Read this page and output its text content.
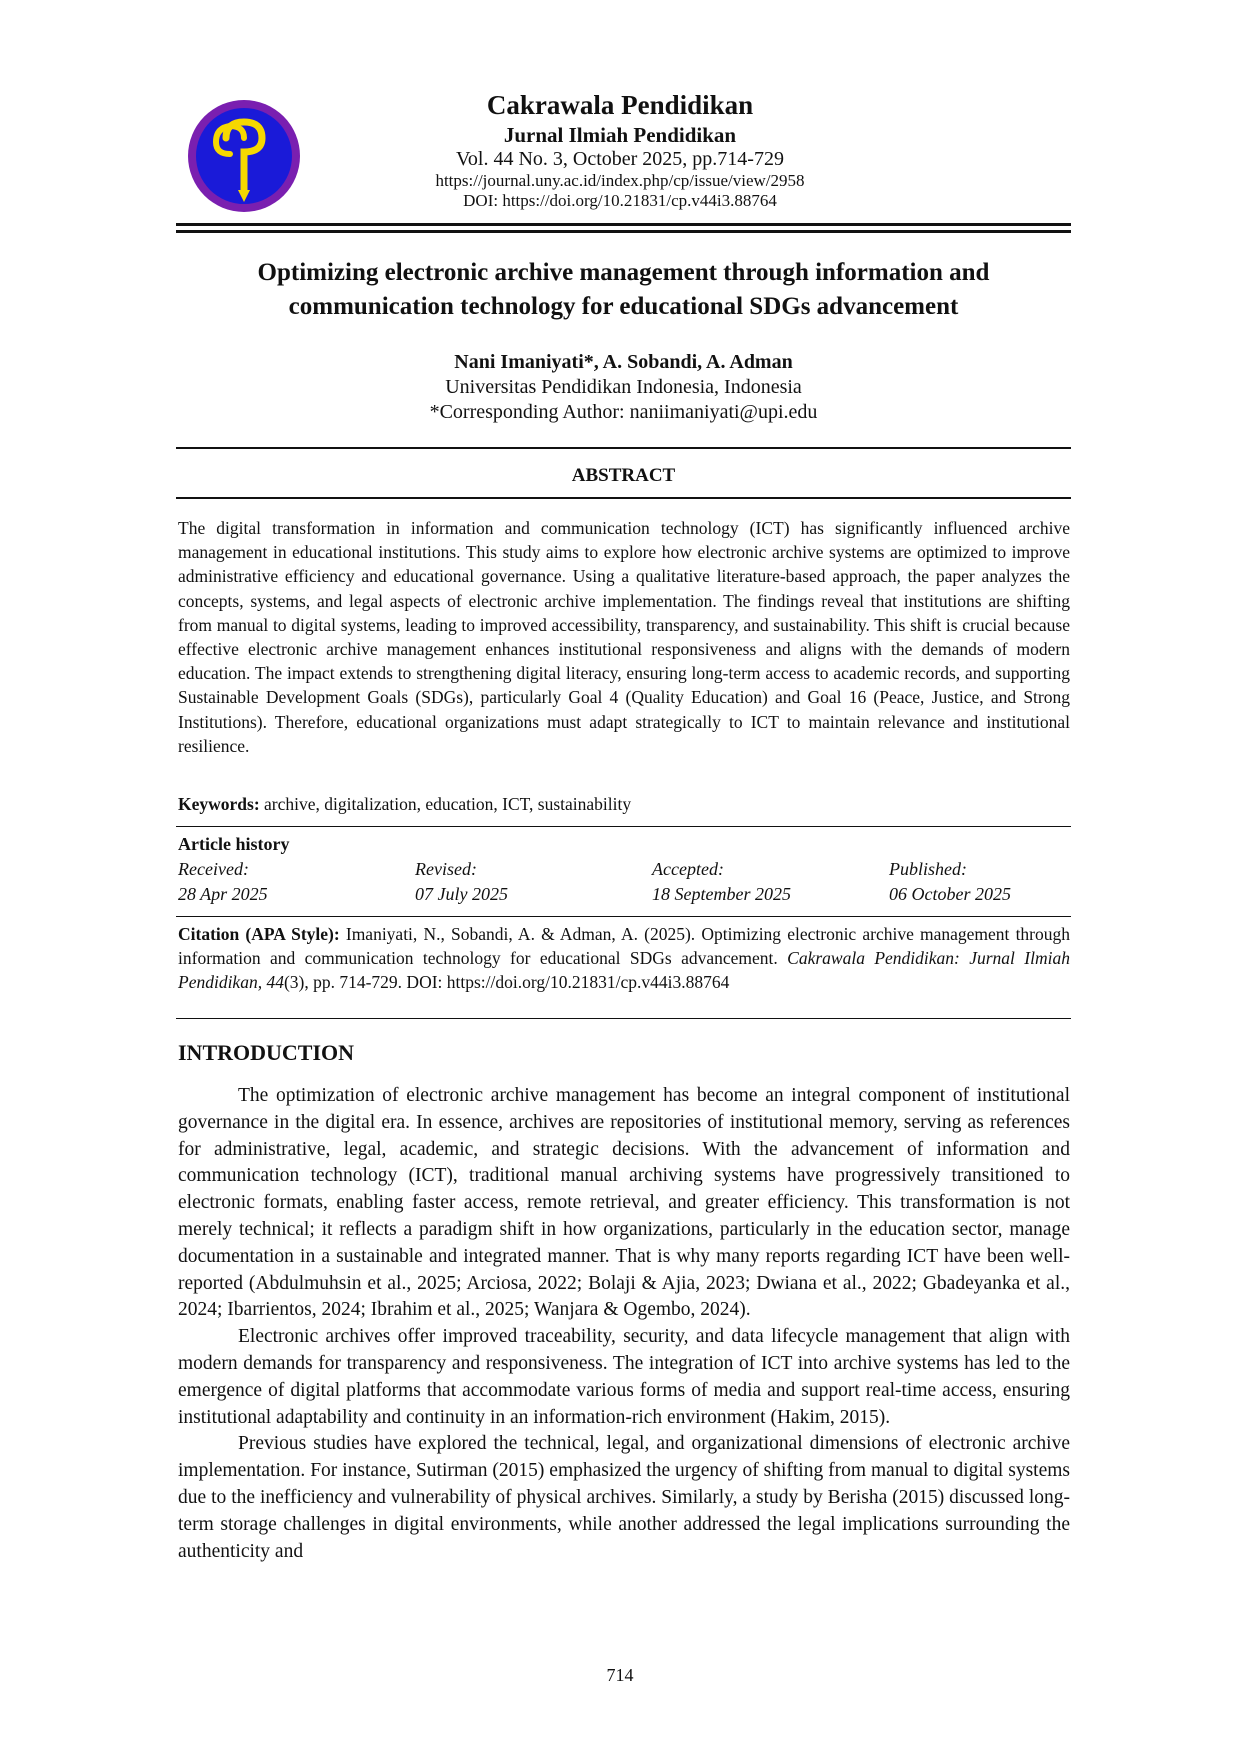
Cakrawala Pendidikan
Jurnal Ilmiah Pendidikan
Vol. 44 No. 3, October 2025, pp.714-729
https://journal.uny.ac.id/index.php/cp/issue/view/2958
DOI: https://doi.org/10.21831/cp.v44i3.88764
Optimizing electronic archive management through information and communication technology for educational SDGs advancement
Nani Imaniyati*, A. Sobandi, A. Adman
Universitas Pendidikan Indonesia, Indonesia
*Corresponding Author: naniimaniyati@upi.edu
ABSTRACT
The digital transformation in information and communication technology (ICT) has significantly influenced archive management in educational institutions. This study aims to explore how electronic archive systems are optimized to improve administrative efficiency and educational governance. Using a qualitative literature-based approach, the paper analyzes the concepts, systems, and legal aspects of electronic archive implementation. The findings reveal that institutions are shifting from manual to digital systems, leading to improved accessibility, transparency, and sustainability. This shift is crucial because effective electronic archive management enhances institutional responsiveness and aligns with the demands of modern education. The impact extends to strengthening digital literacy, ensuring long-term access to academic records, and supporting Sustainable Development Goals (SDGs), particularly Goal 4 (Quality Education) and Goal 16 (Peace, Justice, and Strong Institutions). Therefore, educational organizations must adapt strategically to ICT to maintain relevance and institutional resilience.
Keywords: archive, digitalization, education, ICT, sustainability
Article history
Received:
28 Apr 2025
Revised:
07 July 2025
Accepted:
18 September 2025
Published:
06 October 2025
Citation (APA Style): Imaniyati, N., Sobandi, A. & Adman, A. (2025). Optimizing electronic archive management through information and communication technology for educational SDGs advancement. Cakrawala Pendidikan: Jurnal Ilmiah Pendidikan, 44(3), pp. 714-729. DOI: https://doi.org/10.21831/cp.v44i3.88764
INTRODUCTION

The optimization of electronic archive management has become an integral component of institutional governance in the digital era. In essence, archives are repositories of institutional memory, serving as references for administrative, legal, academic, and strategic decisions. With the advancement of information and communication technology (ICT), traditional manual archiving systems have progressively transitioned to electronic formats, enabling faster access, remote retrieval, and greater efficiency. This transformation is not merely technical; it reflects a paradigm shift in how organizations, particularly in the education sector, manage documentation in a sustainable and integrated manner. That is why many reports regarding ICT have been well-reported (Abdulmuhsin et al., 2025; Arciosa, 2022; Bolaji & Ajia, 2023; Dwiana et al., 2022; Gbadeyanka et al., 2024; Ibarrientos, 2024; Ibrahim et al., 2025; Wanjara & Ogembo, 2024).

Electronic archives offer improved traceability, security, and data lifecycle management that align with modern demands for transparency and responsiveness. The integration of ICT into archive systems has led to the emergence of digital platforms that accommodate various forms of media and support real-time access, ensuring institutional adaptability and continuity in an information-rich environment (Hakim, 2015).

Previous studies have explored the technical, legal, and organizational dimensions of electronic archive implementation. For instance, Sutirman (2015) emphasized the urgency of shifting from manual to digital systems due to the inefficiency and vulnerability of physical archives. Similarly, a study by Berisha (2015) discussed long-term storage challenges in digital environments, while another addressed the legal implications surrounding the authenticity and

714
